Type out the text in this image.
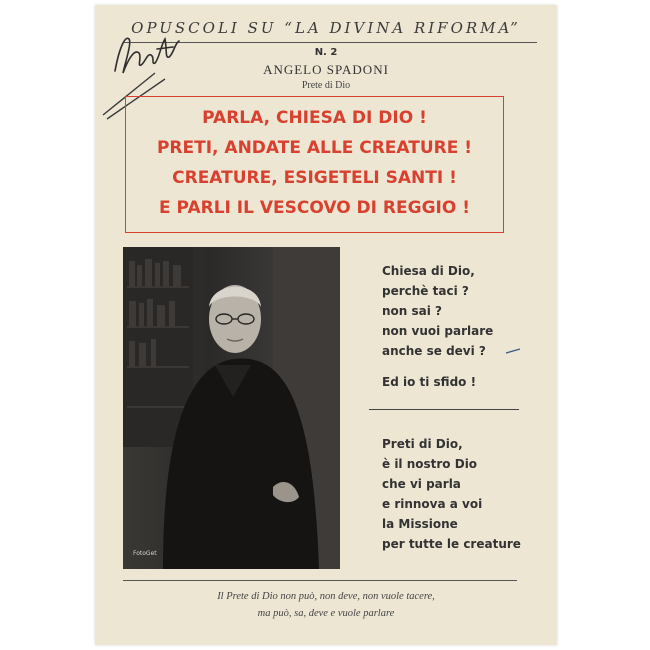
OPUSCOLI SU “LA DIVINA RIFORMA”
N. 2
ANGELO SPADONI
Prete di Dio
PARLA, CHIESA DI DIO !
PRETI, ANDATE ALLE CREATURE !
CREATURE, ESIGETELI SANTI !
E PARLI IL VESCOVO DI REGGIO !
FotoGet
Chiesa di Dio,
perchè taci ?
non sai ?
non vuoi parlare
anche se devi ?
Ed io ti sfido !
Preti di Dio,
è il nostro Dio
che vi parla
e rinnova a voi
la Missione
per tutte le creature
Il Prete di Dio non può, non deve, non vuole tacere,
ma può, sa, deve e vuole parlare
